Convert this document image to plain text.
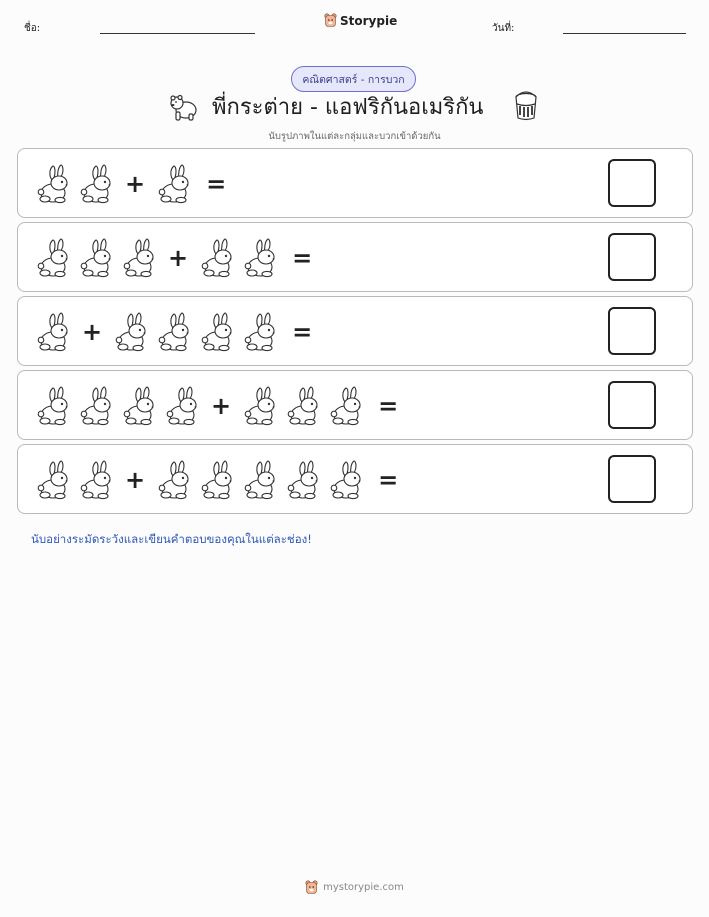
ชื่อ:
Storypie
วันที่:
คณิตศาสตร์ - การบวก
พี่กระต่าย - แอฟริกันอเมริกัน
นับรูปภาพในแต่ละกลุ่มและบวกเข้าด้วยกัน
+	=
+	=
+	=
+	=
+	=
นับอย่างระมัดระวังและเขียนคำตอบของคุณในแต่ละช่อง!
mystorypie.com
